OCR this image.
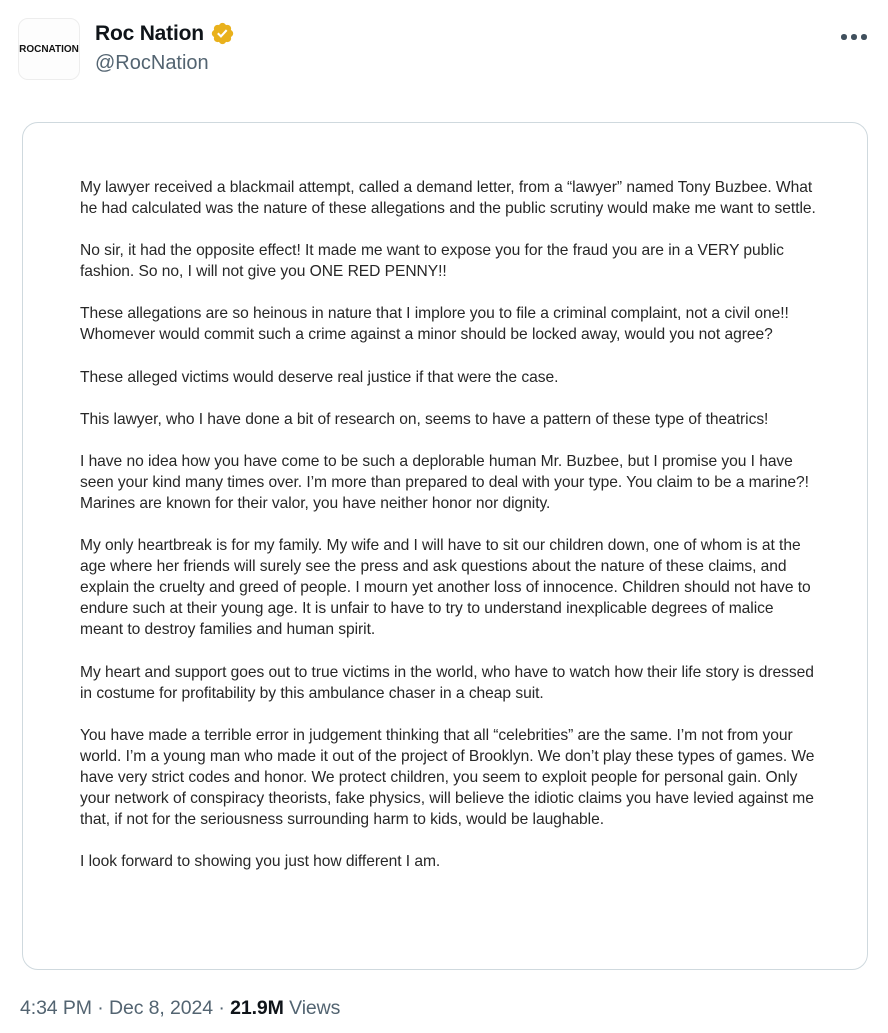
ROCNATION
Roc Nation
@RocNation

My lawyer received a blackmail attempt, called a demand letter, from a “lawyer” named Tony Buzbee. What he had calculated was the nature of these allegations and the public scrutiny would make me want to settle.

No sir, it had the opposite effect! It made me want to expose you for the fraud you are in a VERY public fashion. So no, I will not give you ONE RED PENNY!!

These allegations are so heinous in nature that I implore you to file a criminal complaint, not a civil one!! Whomever would commit such a crime against a minor should be locked away, would you not agree?

These alleged victims would deserve real justice if that were the case.

This lawyer, who I have done a bit of research on, seems to have a pattern of these type of theatrics!

I have no idea how you have come to be such a deplorable human Mr. Buzbee, but I promise you I have seen your kind many times over. I’m more than prepared to deal with your type. You claim to be a marine?! Marines are known for their valor, you have neither honor nor dignity.

My only heartbreak is for my family. My wife and I will have to sit our children down, one of whom is at the age where her friends will surely see the press and ask questions about the nature of these claims, and explain the cruelty and greed of people. I mourn yet another loss of innocence. Children should not have to endure such at their young age. It is unfair to have to try to understand inexplicable degrees of malice meant to destroy families and human spirit.

My heart and support goes out to true victims in the world, who have to watch how their life story is dressed in costume for profitability by this ambulance chaser in a cheap suit.

You have made a terrible error in judgement thinking that all “celebrities” are the same. I’m not from your world. I’m a young man who made it out of the project of Brooklyn. We don’t play these types of games. We have very strict codes and honor. We protect children, you seem to exploit people for personal gain. Only your network of conspiracy theorists, fake physics, will believe the idiotic claims you have levied against me that, if not for the seriousness surrounding harm to kids, would be laughable.

I look forward to showing you just how different I am.

4:34 PM · Dec 8, 2024 · 21.9M Views
